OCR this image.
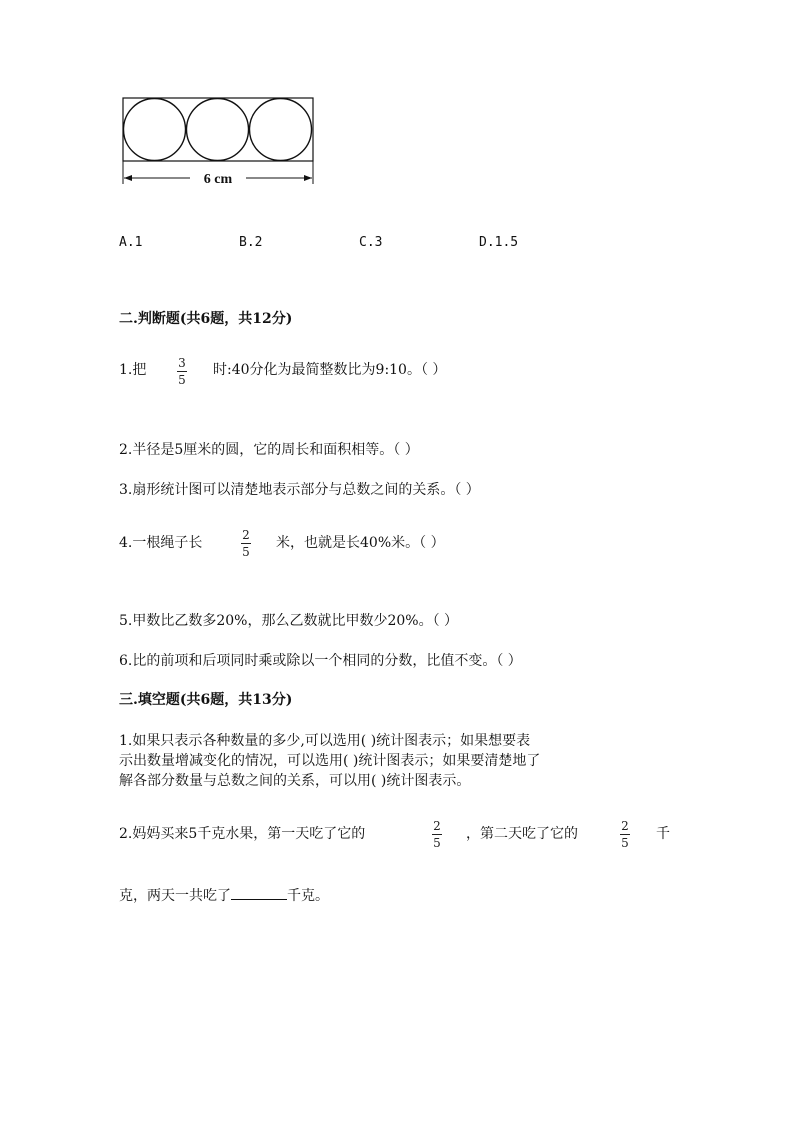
6 cm
A.1	B.2	C.3	D.1.5
二.判断题(共6题，共12分)
1.把	3
5
时:40分化为最简整数比为9:10。（ ）
2.半径是5厘米的圆，它的周长和面积相等。（ ）
3.扇形统计图可以清楚地表示部分与总数之间的关系。（ ）
4.一根绳子长	2
5
米，也就是长40%米。（ ）
5.甲数比乙数多20%，那么乙数就比甲数少20%。（ ）
6.比的前项和后项同时乘或除以一个相同的分数，比值不变。（ ）
三.填空题(共6题，共13分)
1.如果只表示各种数量的多少,可以选用( )统计图表示；如果想要表
示出数量增减变化的情况，可以选用( )统计图表示；如果要清楚地了
解各部分数量与总数之间的关系，可以用( )统计图表示。
2.妈妈买来5千克水果，第一天吃了它的	2
5
，第二天吃了它的	2
5
千
克，两天一共吃了	千克。
